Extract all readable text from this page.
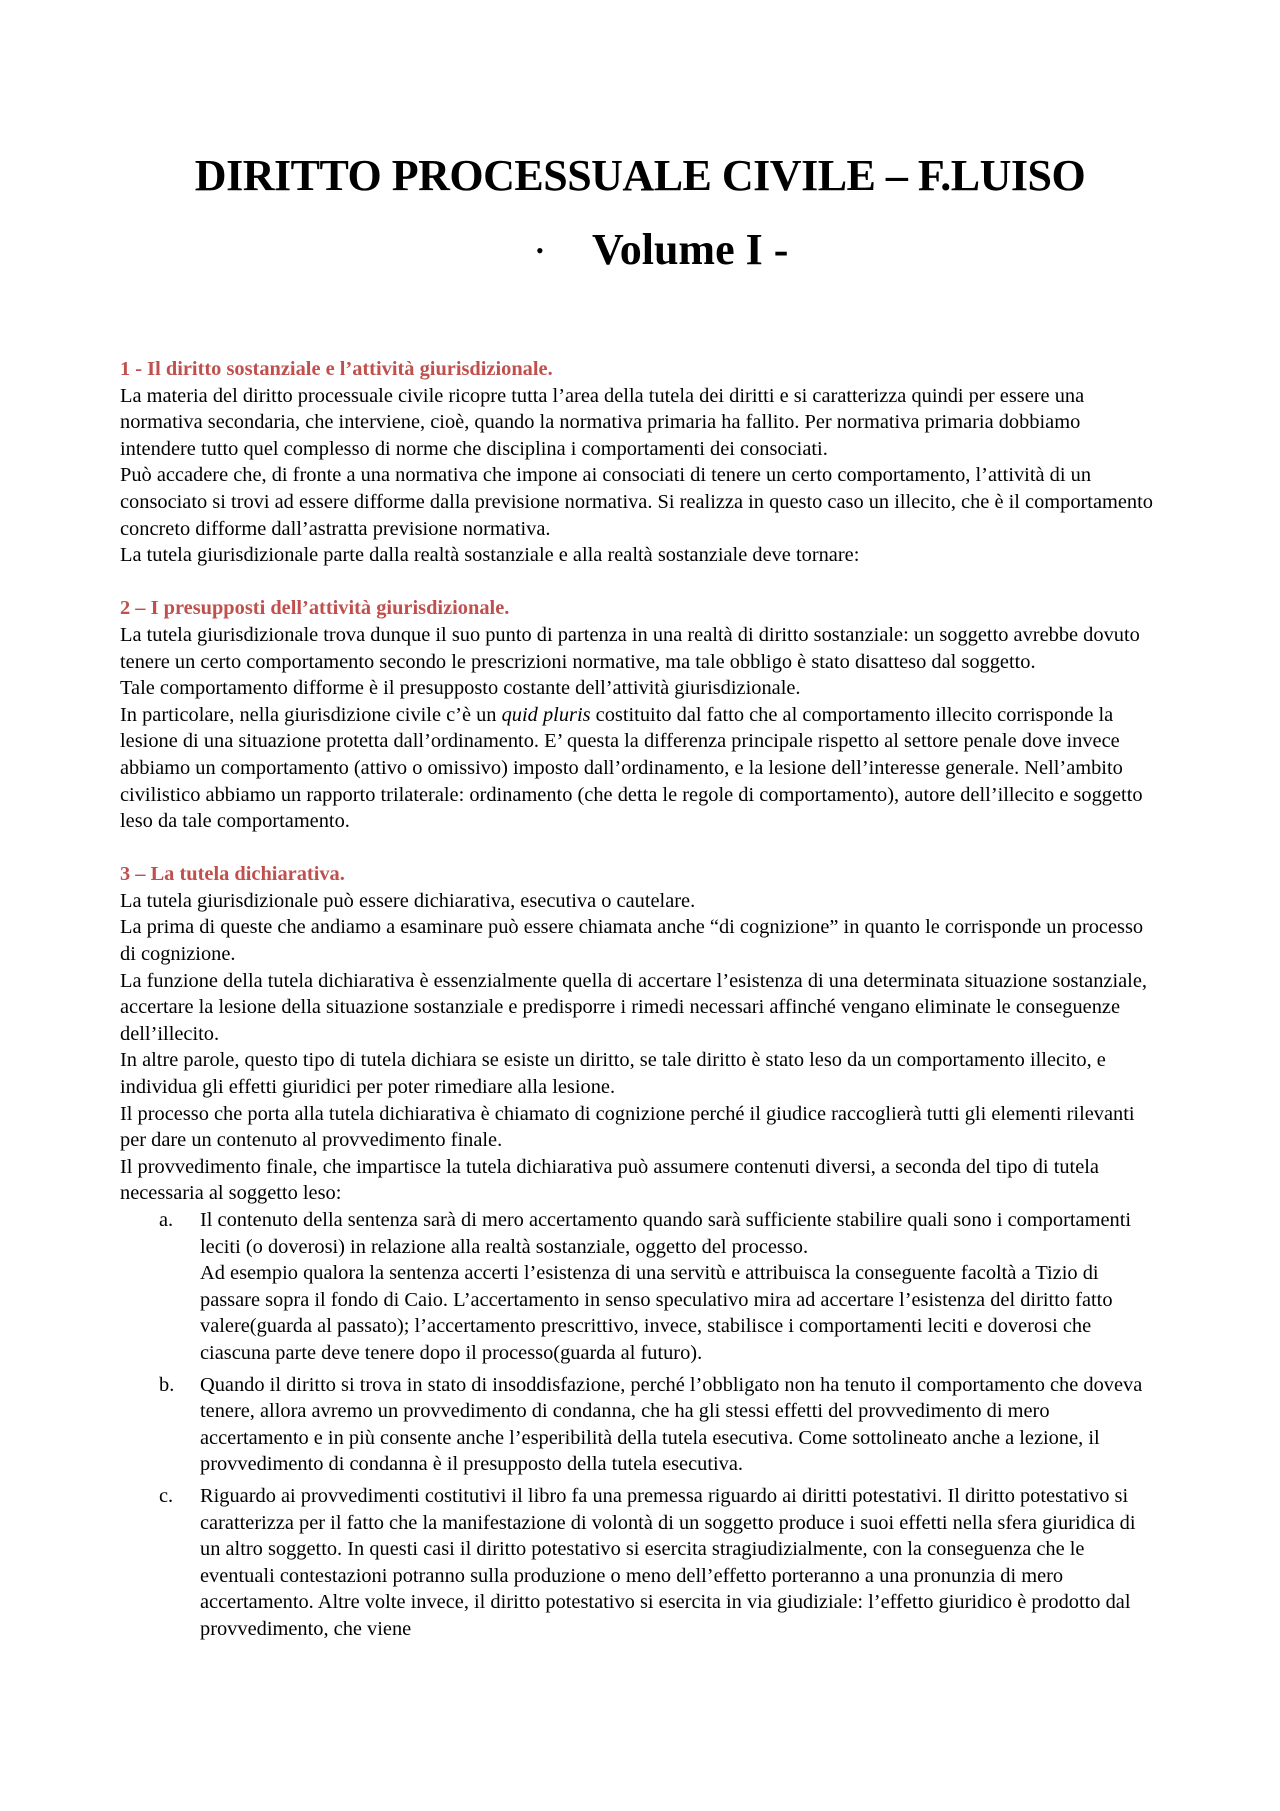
DIRITTO PROCESSUALE CIVILE – F.LUISO
• Volume I -

1 - Il diritto sostanziale e l’attività giurisdizionale.

La materia del diritto processuale civile ricopre tutta l’area della tutela dei diritti e si caratterizza quindi per essere una normativa secondaria, che interviene, cioè, quando la normativa primaria ha fallito. Per normativa primaria dobbiamo intendere tutto quel complesso di norme che disciplina i comportamenti dei consociati.

Può accadere che, di fronte a una normativa che impone ai consociati di tenere un certo comportamento, l’attività di un consociato si trovi ad essere difforme dalla previsione normativa. Si realizza in questo caso un illecito, che è il comportamento concreto difforme dall’astratta previsione normativa.

La tutela giurisdizionale parte dalla realtà sostanziale e alla realtà sostanziale deve tornare:

2 – I presupposti dell’attività giurisdizionale.

La tutela giurisdizionale trova dunque il suo punto di partenza in una realtà di diritto sostanziale: un soggetto avrebbe dovuto tenere un certo comportamento secondo le prescrizioni normative, ma tale obbligo è stato disatteso dal soggetto.

Tale comportamento difforme è il presupposto costante dell’attività giurisdizionale.

In particolare, nella giurisdizione civile c’è un quid pluris costituito dal fatto che al comportamento illecito corrisponde la lesione di una situazione protetta dall’ordinamento. E’ questa la differenza principale rispetto al settore penale dove invece abbiamo un comportamento (attivo o omissivo) imposto dall’ordinamento, e la lesione dell’interesse generale. Nell’ambito civilistico abbiamo un rapporto trilaterale: ordinamento (che detta le regole di comportamento), autore dell’illecito e soggetto leso da tale comportamento.

3 – La tutela dichiarativa.

La tutela giurisdizionale può essere dichiarativa, esecutiva o cautelare.

La prima di queste che andiamo a esaminare può essere chiamata anche “di cognizione” in quanto le corrisponde un processo di cognizione.

La funzione della tutela dichiarativa è essenzialmente quella di accertare l’esistenza di una determinata situazione sostanziale, accertare la lesione della situazione sostanziale e predisporre i rimedi necessari affinché vengano eliminate le conseguenze dell’illecito.

In altre parole, questo tipo di tutela dichiara se esiste un diritto, se tale diritto è stato leso da un comportamento illecito, e individua gli effetti giuridici per poter rimediare alla lesione.

Il processo che porta alla tutela dichiarativa è chiamato di cognizione perché il giudice raccoglierà tutti gli elementi rilevanti per dare un contenuto al provvedimento finale.

Il provvedimento finale, che impartisce la tutela dichiarativa può assumere contenuti diversi, a seconda del tipo di tutela necessaria al soggetto leso:

a. Il contenuto della sentenza sarà di mero accertamento quando sarà sufficiente stabilire quali sono i comportamenti leciti (o doverosi) in relazione alla realtà sostanziale, oggetto del processo.
Ad esempio qualora la sentenza accerti l’esistenza di una servitù e attribuisca la conseguente facoltà a Tizio di passare sopra il fondo di Caio. L’accertamento in senso speculativo mira ad accertare l’esistenza del diritto fatto valere(guarda al passato); l’accertamento prescrittivo, invece, stabilisce i comportamenti leciti e doverosi che ciascuna parte deve tenere dopo il processo(guarda al futuro).
b. Quando il diritto si trova in stato di insoddisfazione, perché l’obbligato non ha tenuto il comportamento che doveva tenere, allora avremo un provvedimento di condanna, che ha gli stessi effetti del provvedimento di mero accertamento e in più consente anche l’esperibilità della tutela esecutiva. Come sottolineato anche a lezione, il provvedimento di condanna è il presupposto della tutela esecutiva.
c. Riguardo ai provvedimenti costitutivi il libro fa una premessa riguardo ai diritti potestativi. Il diritto potestativo si caratterizza per il fatto che la manifestazione di volontà di un soggetto produce i suoi effetti nella sfera giuridica di un altro soggetto. In questi casi il diritto potestativo si esercita stragiudizialmente, con la conseguenza che le eventuali contestazioni potranno sulla produzione o meno dell’effetto porteranno a una pronunzia di mero accertamento. Altre volte invece, il diritto potestativo si esercita in via giudiziale: l’effetto giuridico è prodotto dal provvedimento, che viene
